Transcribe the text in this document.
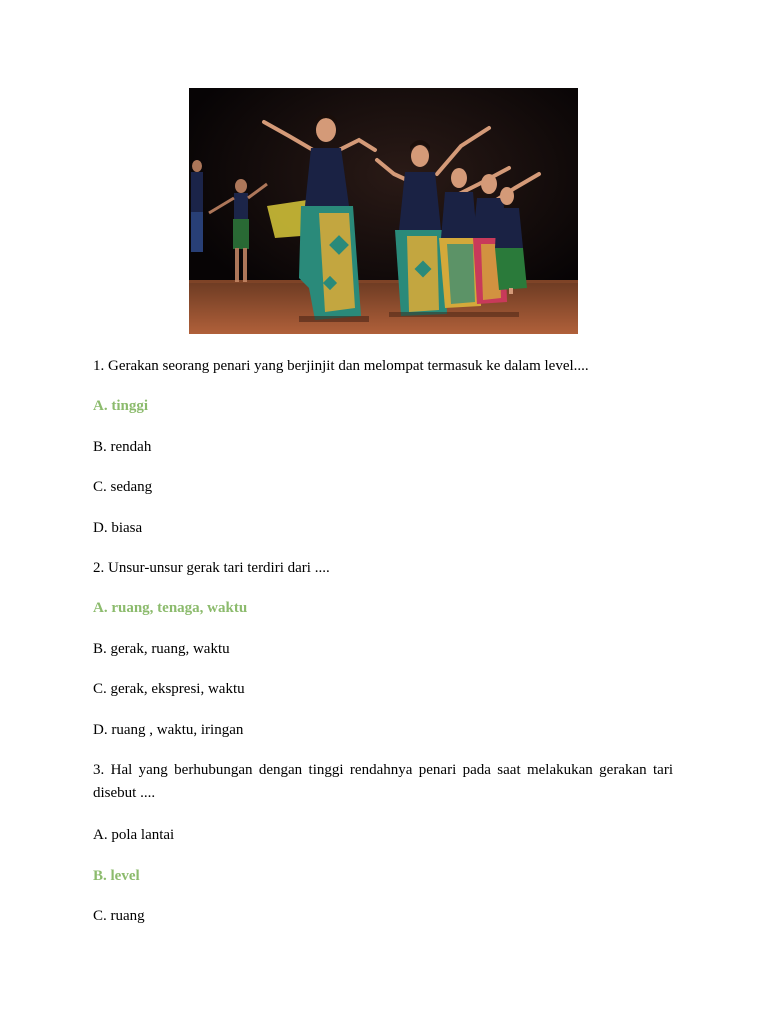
1. Gerakan seorang penari yang berjinjit dan melompat termasuk ke dalam level....

A. tinggi

B. rendah

C. sedang

D. biasa

2. Unsur-unsur gerak tari terdiri dari ....

A. ruang, tenaga, waktu

B. gerak, ruang, waktu

C. gerak, ekspresi, waktu

D. ruang , waktu, iringan

3. Hal yang berhubungan dengan tinggi rendahnya penari pada saat melakukan gerakan tari disebut ....

A. pola lantai

B. level

C. ruang
